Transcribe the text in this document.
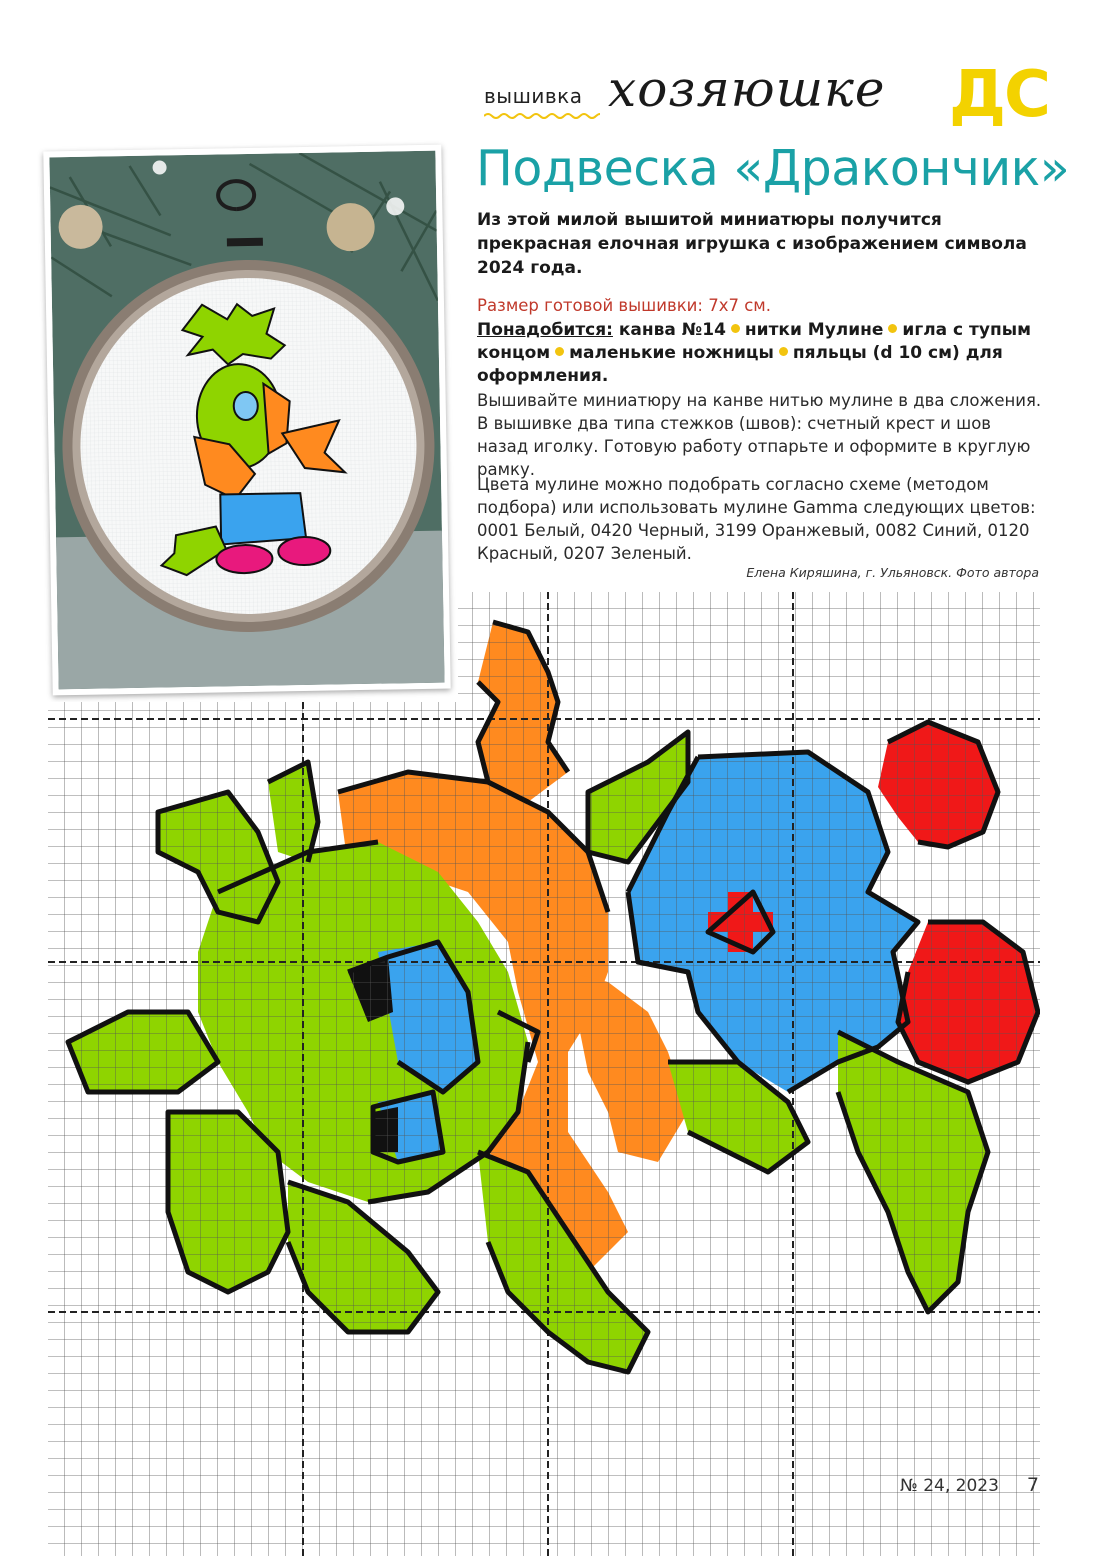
вышивка хозяюшке ДС
Подвеска «Дракончик»
Из этой милой вышитой миниатюры получится прекрасная елочная игрушка с изображением символа 2024 года.
Размер готовой вышивки: 7х7 см.
Понадобится: канва №14 нитки Мулине игла с тупым концом маленькие ножницы пяльцы (d 10 см) для оформления.
Вышивайте миниатюру на канве нитью мулине в два сложения. В вышивке два типа стежков (швов): счетный крест и шов назад иголку. Готовую работу отпарьте и оформите в круглую рамку.
Цвета мулине можно подобрать согласно схеме (методом подбора) или использовать мулине Gamma следующих цветов: 0001 Белый, 0420 Черный, 3199 Оранжевый, 0082 Синий, 0120 Красный, 0207 Зеленый.
Елена Киряшина, г. Ульяновск. Фото автора
№ 24, 2023 7
